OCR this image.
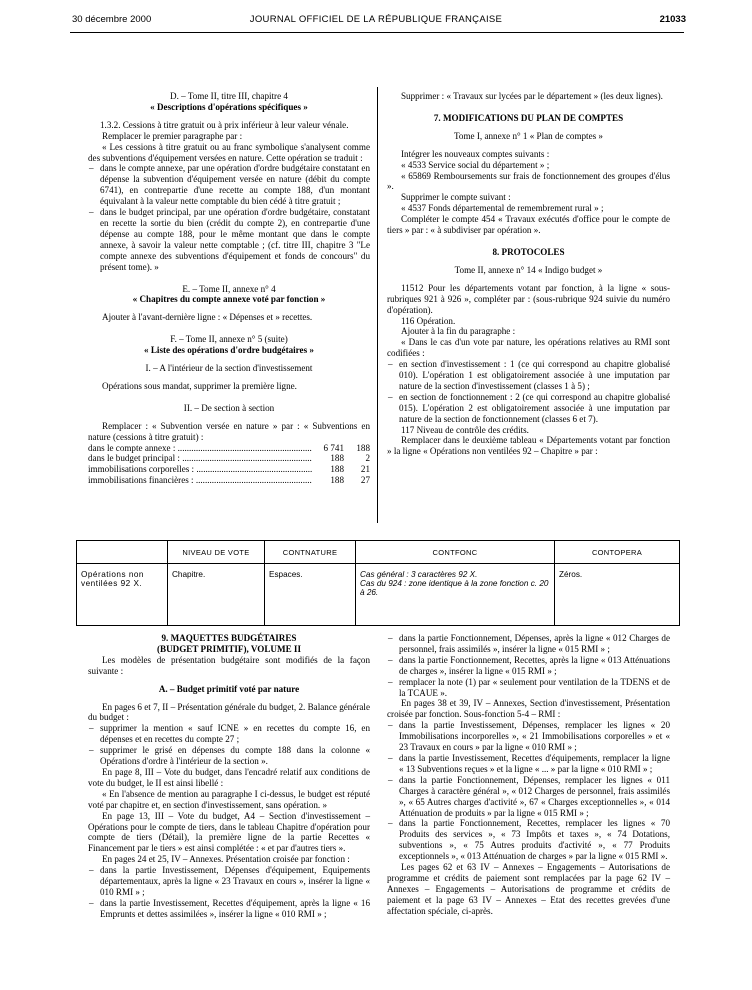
30 décembre 2000	JOURNAL OFFICIEL DE LA RÉPUBLIQUE FRANÇAISE	21033

D. – Tome II, titre III, chapitre 4

« Descriptions d'opérations spécifiques »

1.3.2. Cessions à titre gratuit ou à prix inférieur à leur valeur vénale.

Remplacer le premier paragraphe par :

« Les cessions à titre gratuit ou au franc symbolique s'analysent comme des subventions d'équipement versées en nature. Cette opération se traduit :

– dans le compte annexe, par une opération d'ordre budgétaire constatant en dépense la subvention d'équipement versée en nature (débit du compte 6741), en contrepartie d'une recette au compte 188, d'un montant équivalant à la valeur nette comptable du bien cédé à titre gratuit ;

– dans le budget principal, par une opération d'ordre budgétaire, constatant en recette la sortie du bien (crédit du compte 2), en contrepartie d'une dépense au compte 188, pour le même montant que dans le compte annexe, à savoir la valeur nette comptable ; (cf. titre III, chapitre 3 "Le compte annexe des subventions d'équipement et fonds de concours" du présent tome). »

E. – Tome II, annexe n° 4

« Chapitres du compte annexe voté par fonction »

Ajouter à l'avant-dernière ligne : « Dépenses et » recettes.

F. – Tome II, annexe n° 5 (suite)

« Liste des opérations d'ordre budgétaires »

I. – A l'intérieur de la section d'investissement

Opérations sous mandat, supprimer la première ligne.

II. – De section à section

Remplacer : « Subvention versée en nature » par : « Subventions en nature (cessions à titre gratuit) :

dans le compte annexe : .....	6 741	188
dans le budget principal : .....	188	2
immobilisations corporelles : .....	188	21
immobilisations financières : .....	188	27

Supprimer : « Travaux sur lycées par le département » (les deux lignes).

7. MODIFICATIONS DU PLAN DE COMPTES

Tome I, annexe n° 1 « Plan de comptes »

Intégrer les nouveaux comptes suivants :

« 4533 Service social du département » ;

« 65869 Remboursements sur frais de fonctionnement des groupes d'élus ».

Supprimer le compte suivant :

« 4537 Fonds départemental de remembrement rural » ;

Compléter le compte 454 « Travaux exécutés d'office pour le compte de tiers » par : « à subdiviser par opération ».

8. PROTOCOLES

Tome II, annexe n° 14 « Indigo budget »

11512 Pour les départements votant par fonction, à la ligne « sous-rubriques 921 à 926 », compléter par : (sous-rubrique 924 suivie du numéro d'opération).

116 Opération.

Ajouter à la fin du paragraphe :

« Dans le cas d'un vote par nature, les opérations relatives au RMI sont codifiées :

– en section d'investissement : 1 (ce qui correspond au chapitre globalisé 010). L'opération 1 est obligatoirement associée à une imputation par nature de la section d'investissement (classes 1 à 5) ;

– en section de fonctionnement : 2 (ce qui correspond au chapitre globalisé 015). L'opération 2 est obligatoirement associée à une imputation par nature de la section de fonctionnement (classes 6 et 7).

117 Niveau de contrôle des crédits.

Remplacer dans le deuxième tableau « Départements votant par fonction » la ligne « Opérations non ventilées 92 – Chapitre » par :

	NIVEAU DE VOTE	CONTNATURE	CONTFONC	CONTOPERA
Opérations non ventilées 92 X.	Chapitre.	Espaces.	Cas général : 3 caractères 92 X.
Cas du 924 : zone identique à la zone fonction c. 20 à 26.	Zéros.

9. MAQUETTES BUDGÉTAIRES

(BUDGET PRIMITIF), VOLUME II

Les modèles de présentation budgétaire sont modifiés de la façon suivante :

A. – Budget primitif voté par nature

En pages 6 et 7, II – Présentation générale du budget, 2. Balance générale du budget :

– supprimer la mention « sauf ICNE » en recettes du compte 16, en dépenses et en recettes du compte 27 ;

– supprimer le grisé en dépenses du compte 188 dans la colonne « Opérations d'ordre à l'intérieur de la section ».

En page 8, III – Vote du budget, dans l'encadré relatif aux conditions de vote du budget, le II est ainsi libellé :

« En l'absence de mention au paragraphe I ci-dessus, le budget est réputé voté par chapitre et, en section d'investissement, sans opération. »

En page 13, III – Vote du budget, A4 – Section d'investissement – Opérations pour le compte de tiers, dans le tableau Chapitre d'opération pour compte de tiers (Détail), la première ligne de la partie Recettes « Financement par le tiers » est ainsi complétée : « et par d'autres tiers ».

En pages 24 et 25, IV – Annexes. Présentation croisée par fonction :

– dans la partie Investissement, Dépenses d'équipement, Equipements départementaux, après la ligne « 23 Travaux en cours », insérer la ligne « 010 RMI » ;

– dans la partie Investissement, Recettes d'équipement, après la ligne « 16 Emprunts et dettes assimilées », insérer la ligne « 010 RMI » ;

– dans la partie Fonctionnement, Dépenses, après la ligne « 012 Charges de personnel, frais assimilés », insérer la ligne « 015 RMI » ;

– dans la partie Fonctionnement, Recettes, après la ligne « 013 Atténuations de charges », insérer la ligne « 015 RMI » ;

– remplacer la note (1) par « seulement pour ventilation de la TDENS et de la TCAUE ».

En pages 38 et 39, IV – Annexes, Section d'investissement, Présentation croisée par fonction. Sous-fonction 5-4 – RMI :

– dans la partie Investissement, Dépenses, remplacer les lignes « 20 Immobilisations incorporelles », « 21 Immobilisations corporelles » et « 23 Travaux en cours » par la ligne « 010 RMI » ;

– dans la partie Investissement, Recettes d'équipements, remplacer la ligne « 13 Subventions reçues » et la ligne « ... » par la ligne « 010 RMI » ;

– dans la partie Fonctionnement, Dépenses, remplacer les lignes « 011 Charges à caractère général », « 012 Charges de personnel, frais assimilés », « 65 Autres charges d'activité », 67 « Charges exceptionnelles », « 014 Atténuation de produits » par la ligne « 015 RMI » ;

– dans la partie Fonctionnement, Recettes, remplacer les lignes « 70 Produits des services », « 73 Impôts et taxes », « 74 Dotations, subventions », « 75 Autres produits d'activité », « 77 Produits exceptionnels », « 013 Atténuation de charges » par la ligne « 015 RMI ».

Les pages 62 et 63 IV – Annexes – Engagements – Autorisations de programme et crédits de paiement sont remplacées par la page 62 IV – Annexes – Engagements – Autorisations de programme et crédits de paiement et la page 63 IV – Annexes – Etat des recettes grevées d'une affectation spéciale, ci-après.
